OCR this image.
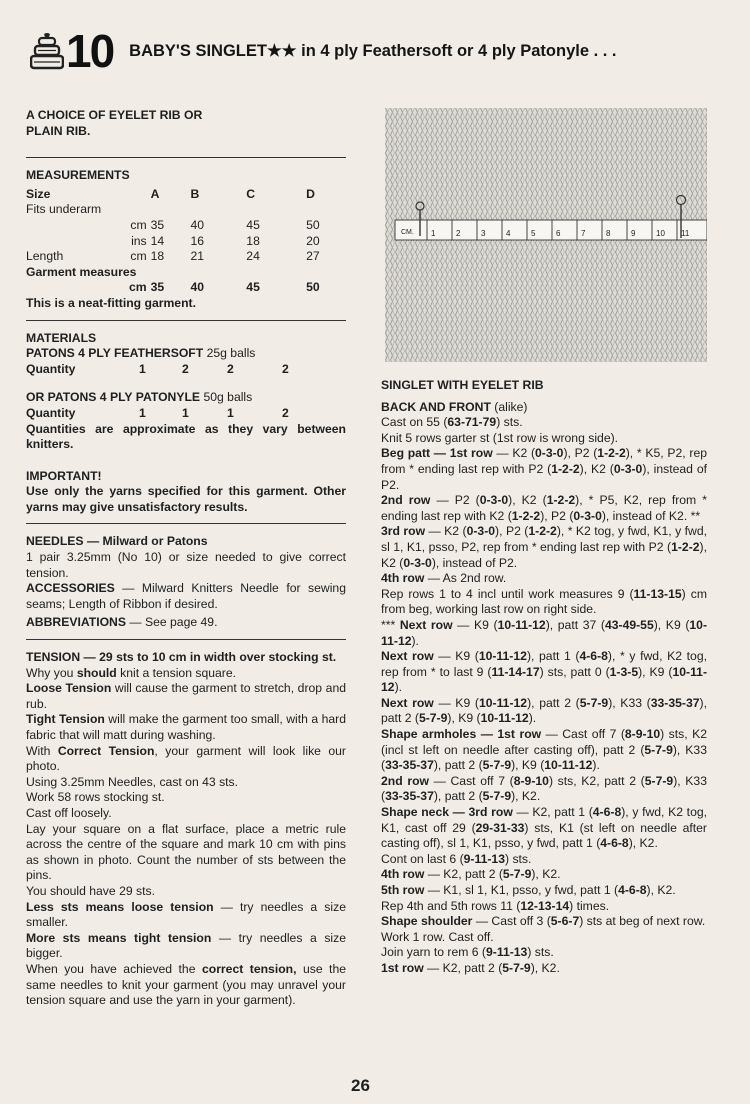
10 BABY'S SINGLET★★ in 4 ply Feathersoft or 4 ply Patonyle . . .

A CHOICE OF EYELET RIB OR

PLAIN RIB.

MEASUREMENTS

Size		A	B	C	D
Fits underarm					
	cm	35	40	45	50
	ins	14	16	18	20
Length	cm	18	21	24	27
Garment measures					
	cm	35	40	45	50

This is a neat-fitting garment.

MATERIALS

PATONS 4 PLY FEATHERSOFT 25g balls

Quantity	1	2	2	2

OR PATONS 4 PLY PATONYLE 50g balls

Quantity	1	1	1	2

Quantities are approximate as they vary between knitters.

IMPORTANT!

Use only the yarns specified for this garment. Other yarns may give unsatisfactory results.

NEEDLES — Milward or Patons

1 pair 3.25mm (No 10) or size needed to give correct tension.

ACCESSORIES — Milward Knitters Needle for sewing seams; Length of Ribbon if desired.

ABBREVIATIONS — See page 49.

TENSION — 29 sts to 10 cm in width over stocking st.

Why you should knit a tension square.

Loose Tension will cause the garment to stretch, drop and rub.

Tight Tension will make the garment too small, with a hard fabric that will matt during washing.

With Correct Tension, your garment will look like our photo.

Using 3.25mm Needles, cast on 43 sts.

Work 58 rows stocking st.

Cast off loosely.

Lay your square on a flat surface, place a metric rule across the centre of the square and mark 10 cm with pins as shown in photo. Count the number of sts between the pins.

You should have 29 sts.

Less sts means loose tension — try needles a size smaller.

More sts means tight tension — try needles a size bigger.

When you have achieved the correct tension, use the same needles to knit your garment (you may unravel your tension square and use the yarn in your garment).

CM. 1	2	3	4	5	6	7	8	9	10 11

SINGLET WITH EYELET RIB

BACK AND FRONT (alike)

Cast on 55 (63-71-79) sts.

Knit 5 rows garter st (1st row is wrong side).

Beg patt — 1st row — K2 (0-3-0), P2 (1-2-2), * K5, P2, rep from * ending last rep with P2 (1-2-2), K2 (0-3-0), instead of P2.

2nd row — P2 (0-3-0), K2 (1-2-2), * P5, K2, rep from * ending last rep with K2 (1-2-2), P2 (0-3-0), instead of K2. **

3rd row — K2 (0-3-0), P2 (1-2-2), * K2 tog, y fwd, K1, y fwd, sl 1, K1, psso, P2, rep from * ending last rep with P2 (1-2-2), K2 (0-3-0), instead of P2.

4th row — As 2nd row.

Rep rows 1 to 4 incl until work measures 9 (11-13-15) cm from beg, working last row on right side.

*** Next row — K9 (10-11-12), patt 37 (43-49-55), K9 (10-11-12).

Next row — K9 (10-11-12), patt 1 (4-6-8), * y fwd, K2 tog, rep from * to last 9 (11-14-17) sts, patt 0 (1-3-5), K9 (10-11-12).

Next row — K9 (10-11-12), patt 2 (5-7-9), K33 (33-35-37), patt 2 (5-7-9), K9 (10-11-12).

Shape armholes — 1st row — Cast off 7 (8-9-10) sts, K2 (incl st left on needle after casting off), patt 2 (5-7-9), K33 (33-35-37), patt 2 (5-7-9), K9 (10-11-12).

2nd row — Cast off 7 (8-9-10) sts, K2, patt 2 (5-7-9), K33 (33-35-37), patt 2 (5-7-9), K2.

Shape neck — 3rd row — K2, patt 1 (4-6-8), y fwd, K2 tog, K1, cast off 29 (29-31-33) sts, K1 (st left on needle after casting off), sl 1, K1, psso, y fwd, patt 1 (4-6-8), K2.

Cont on last 6 (9-11-13) sts.

4th row — K2, patt 2 (5-7-9), K2.

5th row — K1, sl 1, K1, psso, y fwd, patt 1 (4-6-8), K2.

Rep 4th and 5th rows 11 (12-13-14) times.

Shape shoulder — Cast off 3 (5-6-7) sts at beg of next row.

Work 1 row. Cast off.

Join yarn to rem 6 (9-11-13) sts.

1st row — K2, patt 2 (5-7-9), K2.

26
